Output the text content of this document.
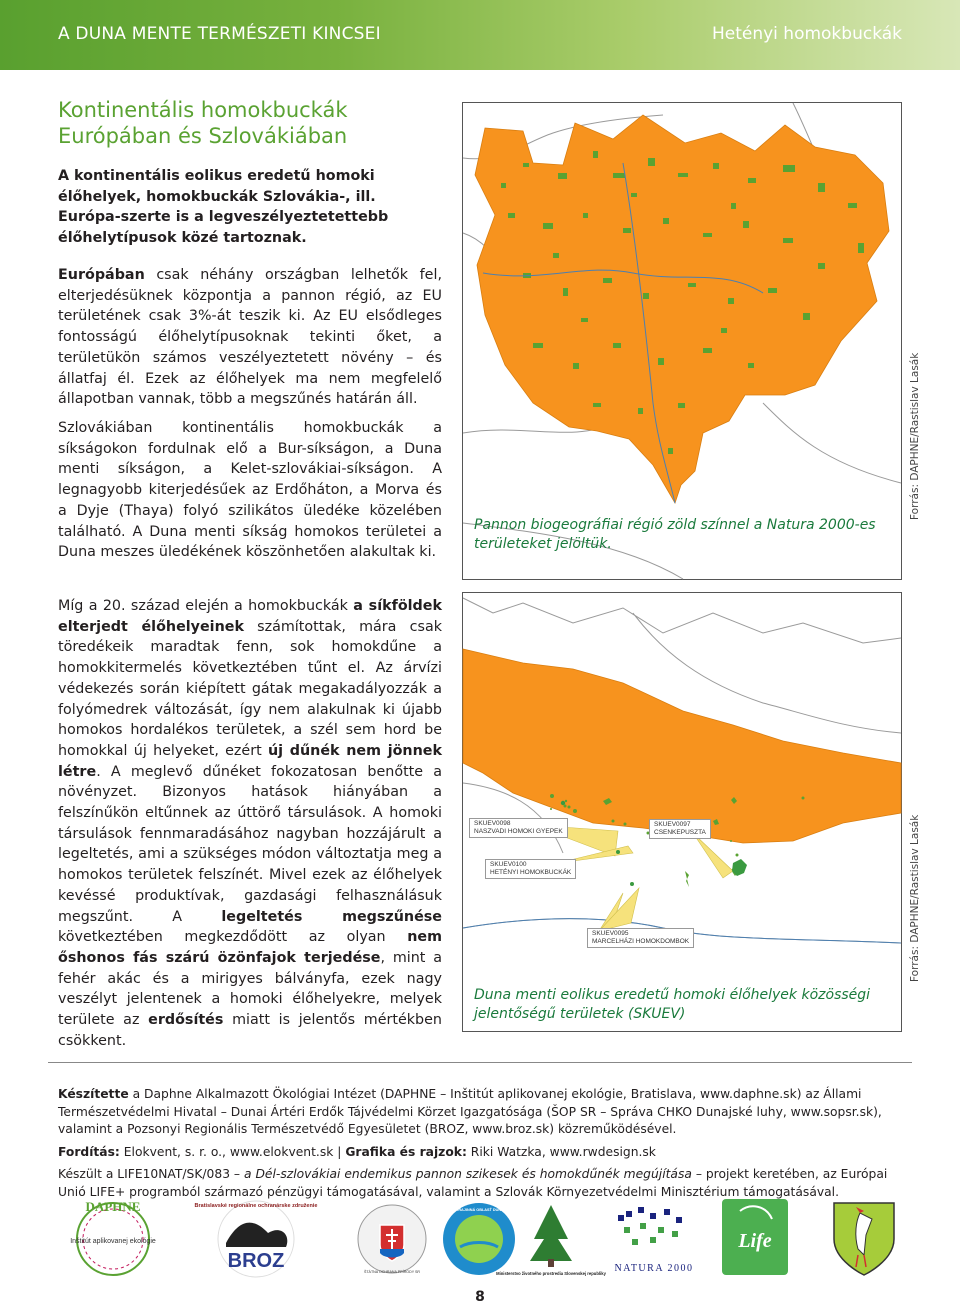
A DUNA MENTE TERMÉSZETI KINCSEI	Hetényi homokbuckák
Kontinentális homokbuckák
Európában és Szlovákiában
A kontinentális eolikus eredetű homoki élőhelyek, homokbuckák Szlovákia-, ill. Európa-szerte is a legveszélyeztetettebb élőhelytípusok közé tartoznak.
Európában csak néhány országban lelhetők fel, elterjedésüknek központja a pannon régió, az EU területének csak 3%-át teszik ki. Az EU elsődleges fontosságú élőhelytípusoknak tekinti őket, a területükön számos veszélyeztetett növény – és állatfaj él. Ezek az élőhelyek ma nem megfelelő állapotban vannak, több a megszűnés határán áll.
Szlovákiában kontinentális homokbuckák a síkságokon fordulnak elő a Bur-síkságon, a Duna menti síkságon, a Kelet-szlovákiai-síkságon. A legnagyobb kiterjedésűek az Erdőháton, a Morva és a Dyje (Thaya) folyó szilikátos üledéke közelében található. A Duna menti síkság homokos területei a Duna meszes üledékének köszönhetően alakultak ki.
Míg a 20. század elején a homokbuckák a síkföldek elterjedt élőhelyeinek számítottak, mára csak töredékeik maradtak fenn, sok homokdűne a homokkitermelés következtében tűnt el. Az árvízi védekezés során kiépített gátak megakadályozzák a folyómedrek változását, így nem alakulnak ki újabb homokos hordalékos területek, a szél sem hord be homokkal új helyeket, ezért új dűnék nem jönnek létre. A meglevő dűnéket fokozatosan benőtte a növényzet. Bizonyos hatások hiányában a felszínűkön eltűnnek az úttörő társulások. A homoki társulások fennmaradásához nagyban hozzájárult a legeltetés, ami a szükséges módon változtatja meg a homokos területek felszínét. Mivel ezek az élőhelyek kevéssé produktívak, gazdasági felhasználásuk megszűnt. A legeltetés megszűnése következtében megkezdődött az olyan nem őshonos fás szárú özönfajok terjedése, mint a fehér akác és a mirigyes bálványfa, ezek nagy veszélyt jelentenek a homoki élőhelyekre, melyek területe az erdősítés miatt is jelentős mértékben csökkent.
Pannon biogeográfiai régió zöld színnel a Natura 2000-es területeket jelöltük.
Forrás: DAPHNE/Rastislav Lasák
SKUEV0098
NASZVADI HOMOKI GYEPEK
SKUEV0100
HETÉNYI HOMOKBUCKÁK
SKUEV0095
MARCELHÁZI HOMOKDOMBOK
SKUEV0097
CSENKEPUSZTA
Duna menti eolikus eredetű homoki élőhelyek közösségi jelentőségű területek (SKUEV)
Forrás: DAPHNE/Rastislav Lasák

Készítette a Daphne Alkalmazott Ökológiai Intézet (DAPHNE – Inštitút aplikovanej ekológie, Bratislava, www.daphne.sk) az Állami Természetvédelmi Hivatal – Dunai Ártéri Erdők Tájvédelmi Körzet Igazgatósága (ŠOP SR – Správa CHKO Dunajské luhy, www.sopsr.sk), valamint a Pozsonyi Regionális Természetvédő Egyesületet (BROZ, www.broz.sk) közreműködésével.

Fordítás: Elokvent, s. r. o., www.elokvent.sk | Grafika és rajzok: Riki Watzka, www.rwdesign.sk

Készült a LIFE10NAT/SK/083 – a Dél-szlovákiai endemikus pannon szikesek és homokdűnék megújítása – projekt keretében, az Európai Unió LIFE+ programból származó pénzügyi támogatásával, valamint a Szlovák Környezetvédelmi Minisztérium támogatásával.

DAPHNE
Inštitút aplikovanej ekológie
BROZ
Bratislavské regionálne ochranárske združenie
ŠTÁTNA OCHRANA PRÍRODY SR
CHRÁNENÁ KRAJINNÁ OBLASŤ DUNAJSKÉ LUHY
Ministerstvo životného prostredia Slovenskej republiky NATURA 2000
Life
8
